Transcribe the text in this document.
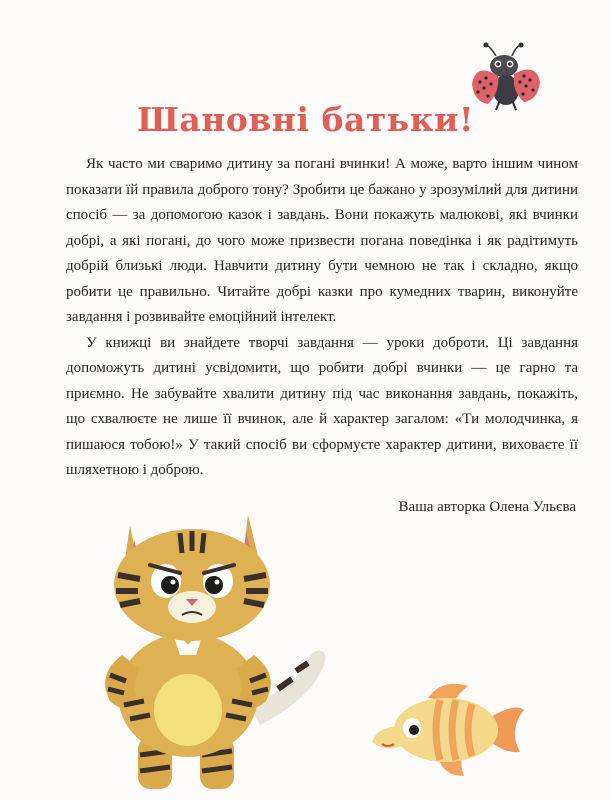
Шановні батьки!

Як часто ми сваримо дитину за погані вчинки! А може, варто іншим чином показати їй правила доброго тону? Зробити це бажано у зрозумілий для дитини спосіб — за допомогою казок і завдань. Вони покажуть малюкові, які вчинки добрі, а які погані, до чого може призвести погана поведінка і як радітимуть добрій близькі люди. Навчити дитину бути чемною не так і складно, якщо робити це правильно. Читайте добрі казки про кумедних тварин, виконуйте завдання і розвивайте емоційний інтелект.

У книжці ви знайдете творчі завдання — уроки доброти. Ці завдання допоможуть дитині усвідомити, що робити добрі вчинки — це гарно та приємно. Не забувайте хвалити дитину під час виконання завдань, покажіть, що схвалюєте не лише її вчинок, але й характер загалом: «Ти молодчинка, я пишаюся тобою!» У такий спосіб ви сформуєте характер дитини, виховаєте її шляхетною і доброю.

Ваша авторка Олена Ульєва
